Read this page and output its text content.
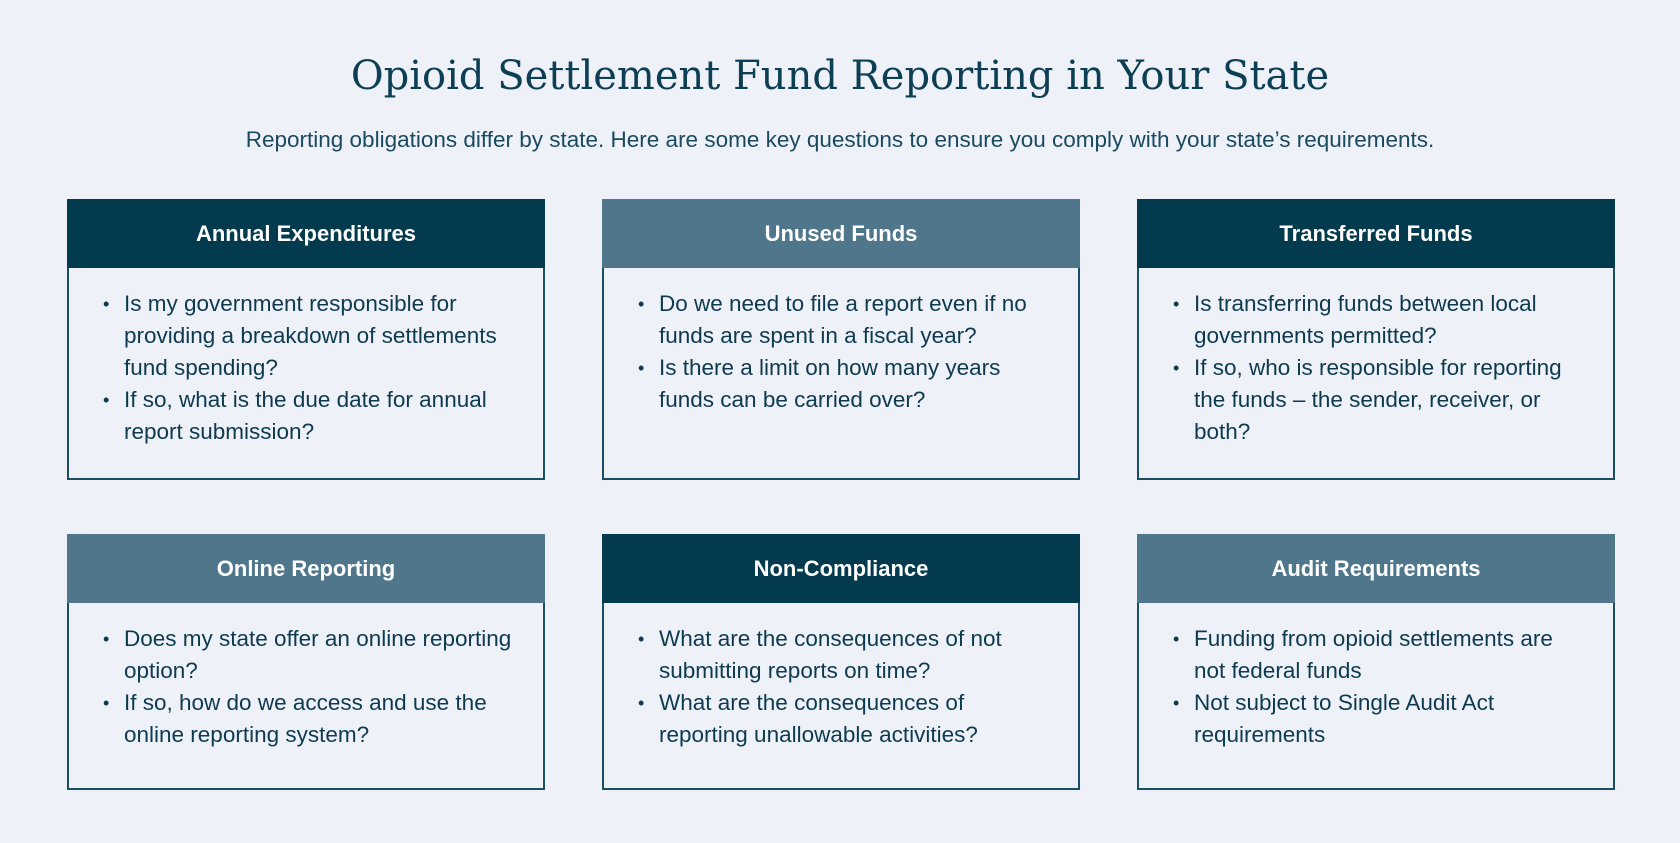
Opioid Settlement Fund Reporting in Your State

Reporting obligations differ by state. Here are some key questions to ensure you comply with your state’s requirements.

Annual Expenditures
• Is my government responsible for providing a breakdown of settlements fund spending?
• If so, what is the due date for annual report submission?
Unused Funds
• Do we need to file a report even if no funds are spent in a fiscal year?
• Is there a limit on how many years funds can be carried over?
Transferred Funds
• Is transferring funds between local governments permitted?
• If so, who is responsible for reporting the funds – the sender, receiver, or both?
Online Reporting
• Does my state offer an online reporting option?
• If so, how do we access and use the online reporting system?
Non-Compliance
• What are the consequences of not submitting reports on time?
• What are the consequences of reporting unallowable activities?
Audit Requirements
• Funding from opioid settlements are not federal funds
• Not subject to Single Audit Act requirements
